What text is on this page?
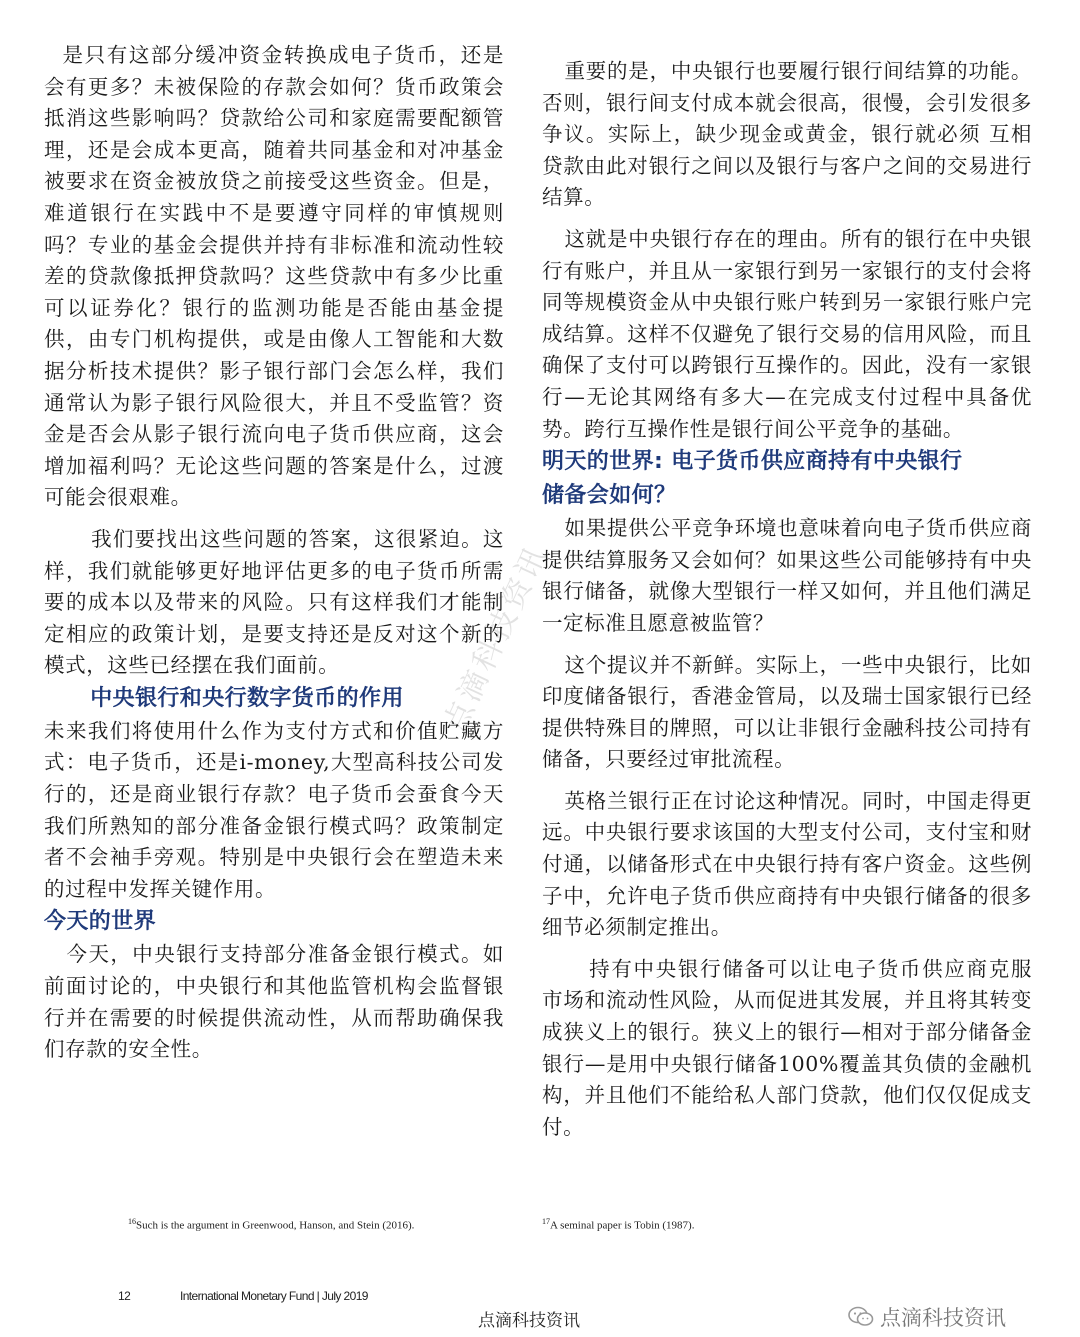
点滴科技资讯

是只有这部分缓冲资金转换成电子货币，还是会有更多？未被保险的存款会如何？货币政策会抵消这些影响吗？贷款给公司和家庭需要配额管理，还是会成本更高，随着共同基金和对冲基金被要求在资金被放贷之前接受这些资金。但是，难道银行在实践中不是要遵守同样的审慎规则吗？专业的基金会提供并持有非标准和流动性较差的贷款像抵押贷款吗？这些贷款中有多少比重可以证券化？银行的监测功能是否能由基金提供，由专门机构提供，或是由像人工智能和大数据分析技术提供？影子银行部门会怎么样，我们通常认为影子银行风险很大，并且不受监管？资金是否会从影子银行流向电子货币供应商，这会增加福利吗？无论这些问题的答案是什么，过渡可能会很艰难。

我们要找出这些问题的答案，这很紧迫。这样，我们就能够更好地评估更多的电子货币所需要的成本以及带来的风险。只有这样我们才能制定相应的政策计划，是要支持还是反对这个新的模式，这些已经摆在我们面前。

中央银行和央行数字货币的作用

未来我们将使用什么作为支付方式和价值贮藏方式：电子货币，还是i-money,大型高科技公司发行的，还是商业银行存款？电子货币会蚕食今天我们所熟知的部分准备金银行模式吗？政策制定者不会袖手旁观。特别是中央银行会在塑造未来的过程中发挥关键作用。

今天的世界

今天，中央银行支持部分准备金银行模式。如前面讨论的，中央银行和其他监管机构会监督银行并在需要的时候提供流动性，从而帮助确保我们存款的安全性。

重要的是，中央银行也要履行银行间结算的功能。否则，银行间支付成本就会很高，很慢，会引发很多争议。实际上，缺少现金或黄金，银行就必须 互相贷款由此对银行之间以及银行与客户之间的交易进行结算。

这就是中央银行存在的理由。所有的银行在中央银行有账户，并且从一家银行到另一家银行的支付会将同等规模资金从中央银行账户转到另一家银行账户完成结算。这样不仅避免了银行交易的信用风险，而且确保了支付可以跨银行互操作的。因此，没有一家银行—无论其网络有多大—在完成支付过程中具备优势。跨行互操作性是银行间公平竞争的基础。

明天的世界: 电子货币供应商持有中央银行储备会如何？

如果提供公平竞争环境也意味着向电子货币供应商提供结算服务又会如何？如果这些公司能够持有中央银行储备，就像大型银行一样又如何，并且他们满足一定标准且愿意被监管？

这个提议并不新鲜。实际上，一些中央银行，比如印度储备银行，香港金管局，以及瑞士国家银行已经提供特殊目的牌照，可以让非银行金融科技公司持有储备，只要经过审批流程。

英格兰银行正在讨论这种情况。同时，中国走得更远。中央银行要求该国的大型支付公司，支付宝和财付通，以储备形式在中央银行持有客户资金。这些例子中，允许电子货币供应商持有中央银行储备的很多细节必须制定推出。

持有中央银行储备可以让电子货币供应商克服市场和流动性风险，从而促进其发展，并且将其转变成狭义上的银行。狭义上的银行—相对于部分储备金银行—是用中央银行储备100%覆盖其负债的金融机构，并且他们不能给私人部门贷款，他们仅仅促成支付。

$^{16}$Such is the argument in Greenwood, Hanson, and Stein (2016).	$^{17}$A seminal paper is Tobin (1987).
12	International Monetary Fund | July 2019
点滴科技资讯	点滴科技资讯
